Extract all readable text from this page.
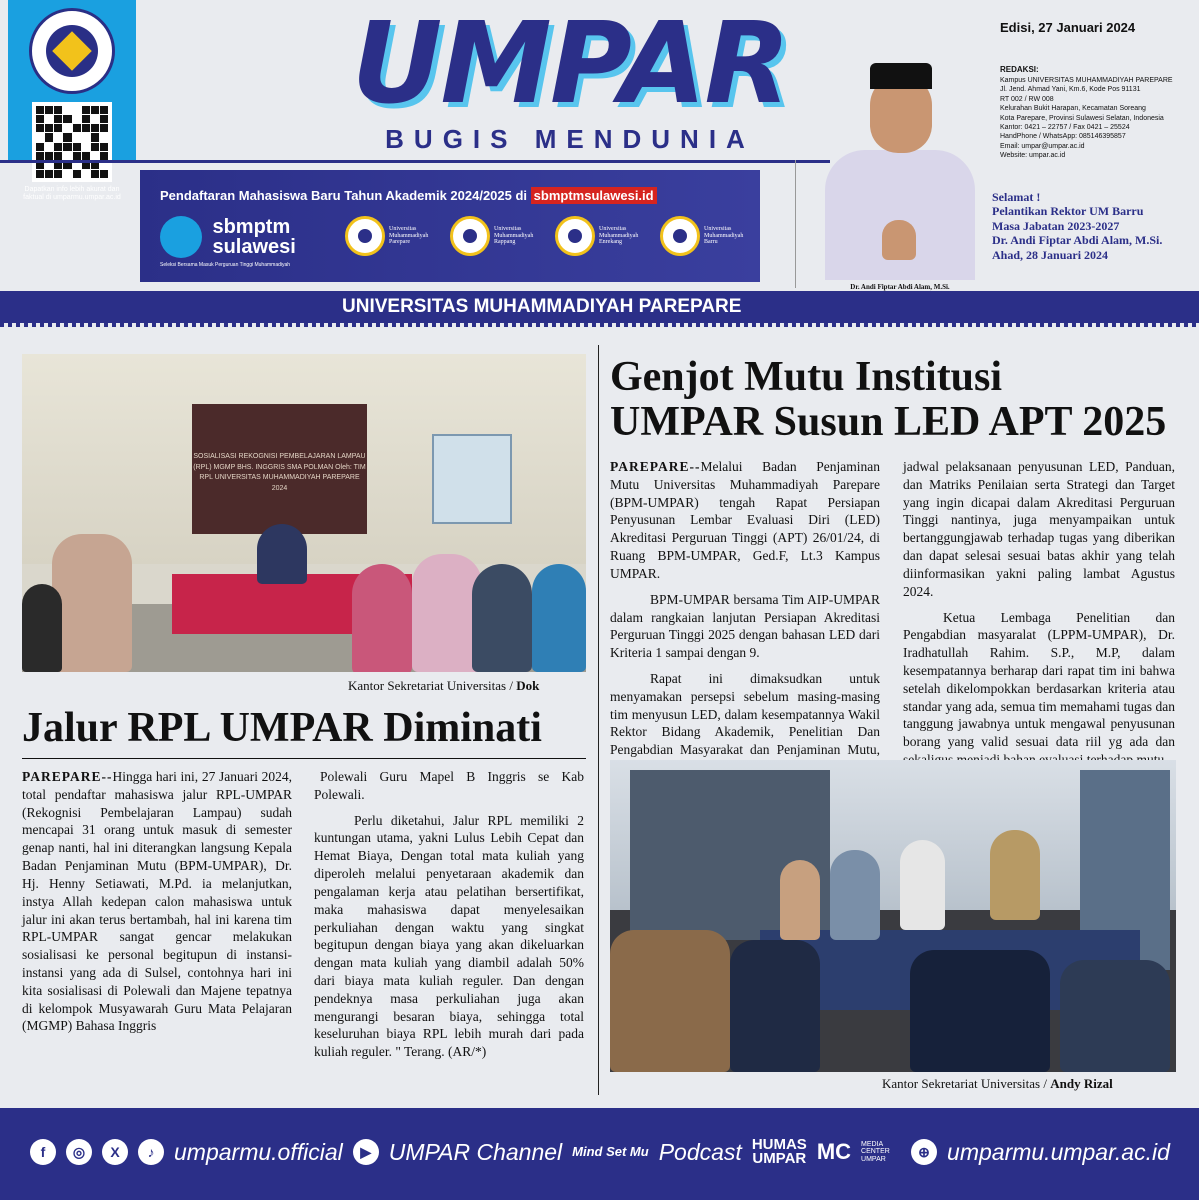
Dapatkan info lebih akurat dan faktual di umparmu.umpar.ac.id
UMPAR
BUGIS MENDUNIA
Edisi, 27 Januari 2024
REDAKSI:
Kampus UNIVERSITAS MUHAMMADIYAH PAREPARE
Jl. Jend. Ahmad Yani, Km.6, Kode Pos 91131
RT 002 / RW 008
Kelurahan Bukit Harapan, Kecamatan Soreang
Kota Parepare, Provinsi Sulawesi Selatan, Indonesia
Kantor: 0421 – 22757 / Fax 0421 – 25524
HandPhone / WhatsApp: 085146395857
Email: umpar@umpar.ac.id
Website: umpar.ac.id
Pendaftaran Mahasiswa Baru Tahun Akademik 2024/2025 di sbmptmsulawesi.id
sbmptm
sulawesi
Seleksi Bersama Masuk Perguruan Tinggi Muhammadiyah
Universitas Muhammadiyah Parepare
Universitas Muhammadiyah Rappang
Universitas Muhammadiyah Enrekang
Universitas Muhammadiyah Barru
Dr. Andi Fiptar Abdi Alam, M.Si.
Selamat !
Pelantikan Rektor UM Barru
Masa Jabatan 2023-2027
Dr. Andi Fiptar Abdi Alam, M.Si.
Ahad, 28 Januari 2024
UNIVERSITAS MUHAMMADIYAH PAREPARE
SOSIALISASI REKOGNISI PEMBELAJARAN LAMPAU (RPL) MGMP BHS. INGGRIS SMA POLMAN Oleh: TIM RPL UNIVERSITAS MUHAMMADIYAH PAREPARE 2024
Kantor Sekretariat Universitas / Dok
Jalur RPL UMPAR Diminati

PAREPARE--Hingga hari ini, 27 Januari 2024, total pendaftar mahasiswa jalur RPL-UMPAR (Rekognisi Pembelajaran Lampau) sudah mencapai 31 orang untuk masuk di semester genap nanti, hal ini diterangkan langsung Kepala Badan Penjaminan Mutu (BPM-UMPAR), Dr. Hj. Henny Setiawati, M.Pd. ia melanjutkan, instya Allah kedepan calon mahasiswa untuk jalur ini akan terus bertambah, hal ini karena tim RPL-UMPAR sangat gencar melakukan sosialisasi ke personal begitupun di instansi-instansi yang ada di Sulsel, contohnya hari ini kita sosialisasi di Polewali dan Majene tepatnya di kelompok Musyawarah Guru Mata Pelajaran (MGMP) Bahasa Inggris

Polewali Guru Mapel B Inggris se Kab Polewali.

Perlu diketahui, Jalur RPL memiliki 2 kuntungan utama, yakni Lulus Lebih Cepat dan Hemat Biaya, Dengan total mata kuliah yang diperoleh melalui penyetaraan akademik dan pengalaman kerja atau pelatihan bersertifikat, maka mahasiswa dapat menyelesaikan perkuliahan dengan waktu yang singkat begitupun dengan biaya yang akan dikeluarkan dengan mata kuliah yang diambil adalah 50% dari biaya mata kuliah reguler. Dan dengan pendeknya masa perkuliahan juga akan mengurangi besaran biaya, sehingga total keseluruhan biaya RPL lebih murah dari pada kuliah reguler. " Terang. (AR/*)

Genjot Mutu Institusi
UMPAR Susun LED APT 2025

PAREPARE--Melalui Badan Penjaminan Mutu Universitas Muhammadiyah Parepare (BPM-UMPAR) tengah Rapat Persiapan Penyusunan Lembar Evaluasi Diri (LED) Akreditasi Perguruan Tinggi (APT) 26/01/24, di Ruang BPM-UMPAR, Ged.F, Lt.3 Kampus UMPAR.

BPM-UMPAR bersama Tim AIP-UMPAR dalam rangkaian lanjutan Persiapan Akreditasi Perguruan Tinggi 2025 dengan bahasan LED dari Kriteria 1 sampai dengan 9.

Rapat ini dimaksudkan untuk menyamakan persepsi sebelum masing-masing tim menyusun LED, dalam kesempatannya Wakil Rektor Bidang Akademik, Penelitian Dan Pengabdian Masyarakat dan Penjaminan Mutu,

jadwal pelaksanaan penyusunan LED, Panduan, dan Matriks Penilaian serta Strategi dan Target yang ingin dicapai dalam Akreditasi Perguruan Tinggi nantinya, juga menyampaikan untuk bertanggungjawab terhadap tugas yang diberikan dan dapat selesai sesuai batas akhir yang telah diinformasikan yakni paling lambat Agustus 2024.

Ketua Lembaga Penelitian dan Pengabdian masyaralat (LPPM-UMPAR), Dr. Iradhatullah Rahim. S.P., M.P, dalam kesempatannya berharap dari rapat tim ini bahwa setelah dikelompokkan berdasarkan kriteria atau standar yang ada, semua tim memahami tugas dan tanggung jawabnya untuk mengawal penyusunan borang yang valid sesuai data riil yg ada dan

Kantor Sekretariat Universitas / Andy Rizal
f	◎	X	♪ umparmu.official	▶ UMPAR Channel Mind Set Mu Podcast HUMAS
UMPAR MC MEDIA CENTER UMPAR	⊕ umparmu.umpar.ac.id
